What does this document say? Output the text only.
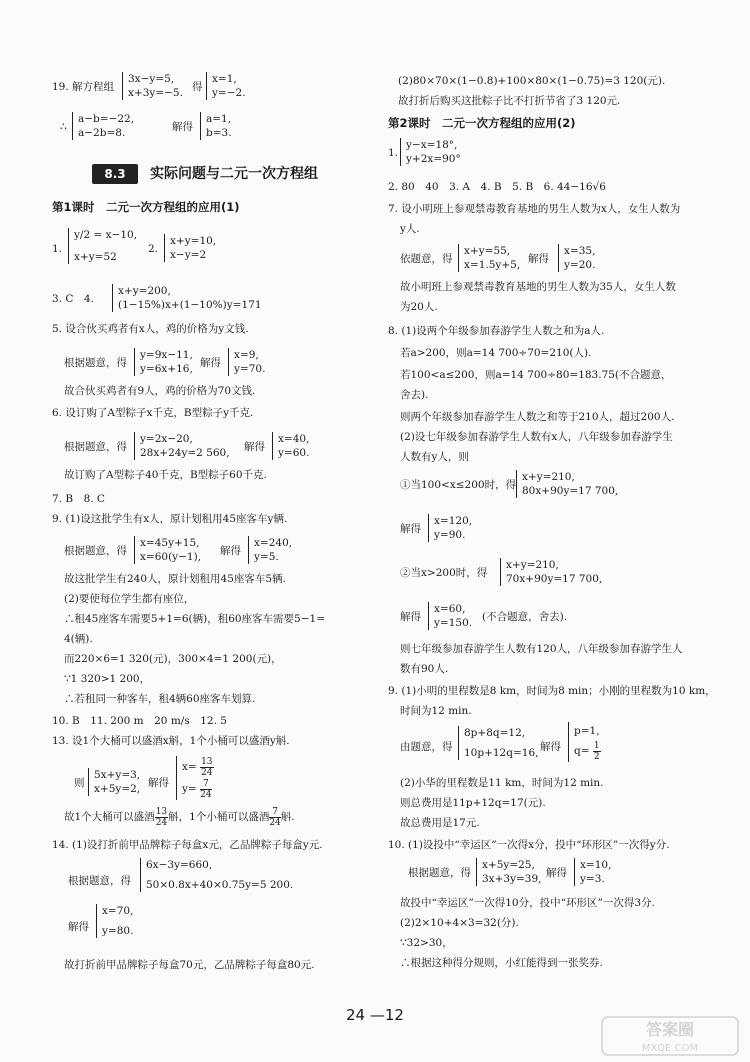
19. 解方程组
3x−y=5,
x+3y=−5. 得
x=1,
y=−2.
∴
a−b=−22,
a−2b=8.	解得
a=1,
b=3.
8.3	实际问题与二元一次方程组
第1课时　二元一次方程组的应用(1)
1.
y/2 = x−10,
x+y=52
2.
x+y=10,
x−y=2
3. C　4.
x+y=200,
(1−15%)x+(1−10%)y=171
5. 设合伙买鸡者有x人，鸡的价格为y文钱.
根据题意，得
y=9x−11,
y=6x+16, 解得
x=9,
y=70.
故合伙买鸡者有9人，鸡的价格为70文钱.
6. 设订购了A型粽子x千克，B型粽子y千克.
根据题意，得
y=2x−20,
28x+24y=2 560, 解得
x=40,
y=60.
故订购了A型粽子40千克，B型粽子60千克.
7. B　8. C
9. (1)设这批学生有x人，原计划租用45座客车y辆.
根据题意，得
x=45y+15,
x=60(y−1), 解得
x=240,
y=5.
故这批学生有240人，原计划租用45座客车5辆.
(2)要使每位学生都有座位，
∴租45座客车需要5+1=6(辆)，租60座客车需要5−1=
4(辆).
而220×6=1 320(元)，300×4=1 200(元)，
∵1 320>1 200，
∴若租同一种客车，租4辆60座客车划算.
10. B　11. 200 m　20 m/s　12. 5
13. 设1个大桶可以盛酒x斛，1个小桶可以盛酒y斛.
则
5x+y=3,
x+5y=2, 解得
$x= \frac{13}{24}$
$y= \frac{7}{24}$
故1个大桶可以盛酒 $\frac{13}{24}$ 斛，1个小桶可以盛酒 $\frac{7}{24}$ 斛.
14. (1)设打折前甲品牌粽子每盒x元，乙品牌粽子每盒y元.
根据题意，得
6x−3y=660,
50×0.8x+40×0.75y=5 200.
解得
x=70,
y=80.
故打折前甲品牌粽子每盒70元，乙品牌粽子每盒80元.
(2)80×70×(1−0.8)+100×80×(1−0.75)=3 120(元).
故打折后购买这批粽子比不打折节省了3 120元.
第2课时　二元一次方程组的应用(2)
1.
y−x=18°,
y+2x=90°
2. 80　40　3. A　4. B　5. B　6. 44−16√6
7. 设小明班上参观禁毒教育基地的男生人数为x人，女生人数为
y人.
依题意，得
x+y=55,
x=1.5y+5, 解得
x=35,
y=20.
故小明班上参观禁毒教育基地的男生人数为35人，女生人数
为20人.
8. (1)设两个年级参加春游学生人数之和为a人.
若a>200，则a=14 700÷70=210(人).
若100<a≤200，则a=14 700÷80=183.75(不合题意，
舍去).
则两个年级参加春游学生人数之和等于210人，超过200人.
(2)设七年级参加春游学生人数有x人，八年级参加春游学生
人数有y人，则
①当100<x≤200时，得
x+y=210,
80x+90y=17 700,
解得
x=120,
y=90.
②当x>200时，得
x+y=210,
70x+90y=17 700,
解得
x=60,
y=150. (不合题意，舍去).
则七年级参加春游学生人数有120人，八年级参加春游学生人
数有90人.
9. (1)小明的里程数是8 km，时间为8 min；小刚的里程数为10 km，
时间为12 min.
由题意，得
8p+8q=12,
10p+12q=16, 解得
p=1,
$q= \frac{1}{2}$
(2)小华的里程数是11 km，时间为12 min.
则总费用是11p+12q=17(元).
故总费用是17元.
10. (1)设投中“幸运区”一次得x分，投中“环形区”一次得y分.
根据题意，得
x+5y=25,
3x+3y=39, 解得
x=10,
y=3.
故投中“幸运区”一次得10分，投中“环形区”一次得3分.
(2)2×10+4×3=32(分).
∵32>30，
∴根据这种得分规则，小红能得到一张奖券.
24 —12
答案圈
MXQE.COM
